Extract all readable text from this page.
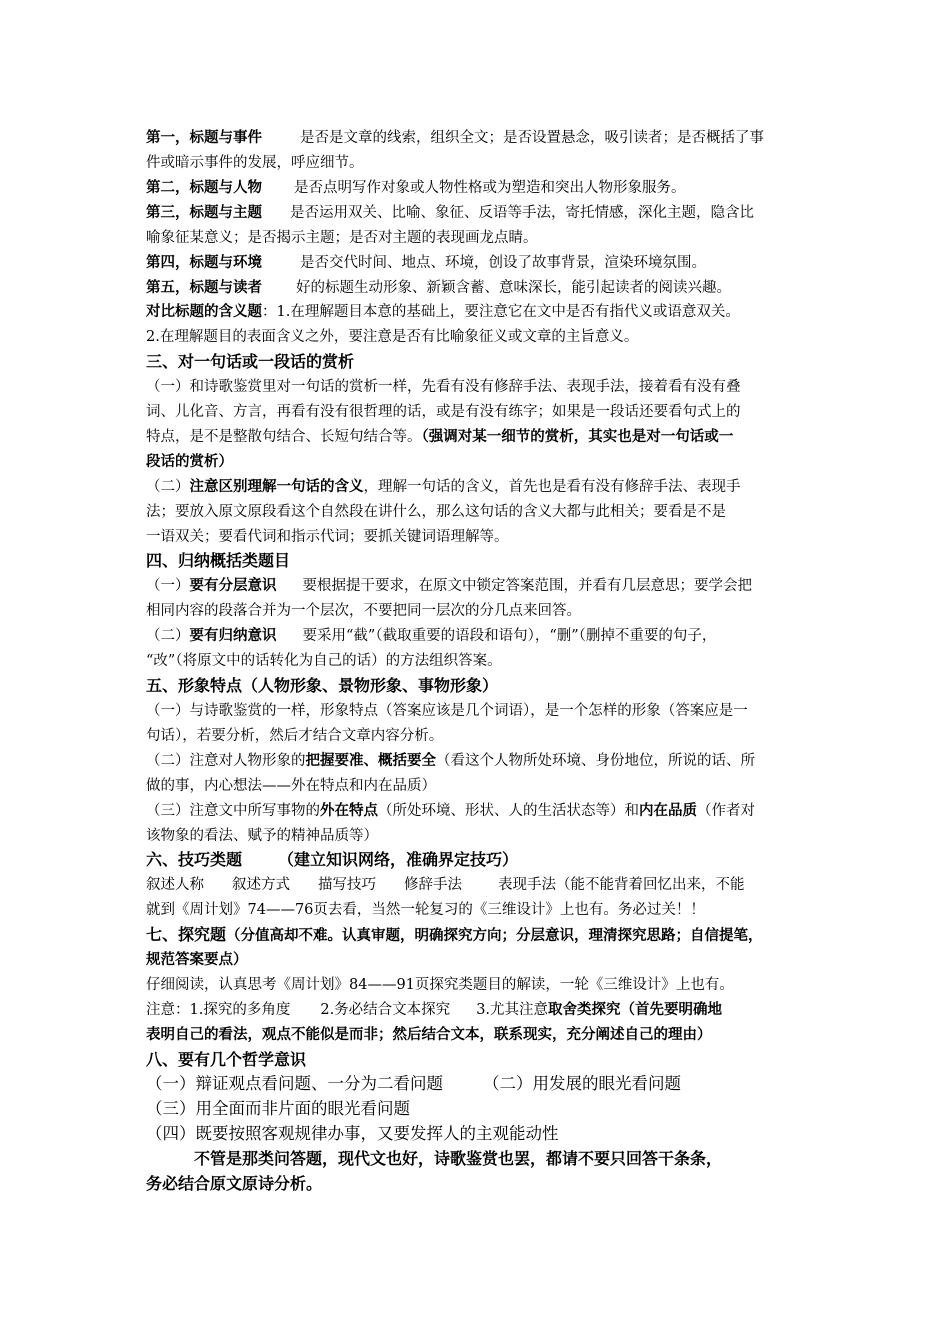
第一，标题与事件	是否是文章的线索，组织全文；是否设置悬念，吸引读者；是否概括了事
件或暗示事件的发展，呼应细节。
第二，标题与人物 是否点明写作对象或人物性格或为塑造和突出人物形象服务。
第三，标题与主题 是否运用双关、比喻、象征、反语等手法，寄托情感，深化主题，隐含比
喻象征某意义；是否揭示主题；是否对主题的表现画龙点睛。
第四，标题与环境	是否交代时间、地点、环境，创设了故事背景，渲染环境氛围。
第五，标题与读者 好的标题生动形象、新颖含蓄、意味深长，能引起读者的阅读兴趣。
对比标题的含义题：1.在理解题目本意的基础上，要注意它在文中是否有指代义或语意双关。
2.在理解题目的表面含义之外，要注意是否有比喻象征义或文章的主旨意义。
三、对一句话或一段话的赏析
（一）和诗歌鉴赏里对一句话的赏析一样，先看有没有修辞手法、表现手法，接着看有没有叠
词、儿化音、方言，再看有没有很哲理的话，或是有没有练字；如果是一段话还要看句式上的
特点，是不是整散句结合、长短句结合等。（强调对某一细节的赏析，其实也是对一句话或一
段话的赏析）
（二）注意区别理解一句话的含义，理解一句话的含义，首先也是看有没有修辞手法、表现手
法；要放入原文原段看这个自然段在讲什么，那么这句话的含义大都与此相关；要看是不是
一语双关；要看代词和指示代词；要抓关键词语理解等。
四、归纳概括类题目
（一）要有分层意识 要根据提干要求，在原文中锁定答案范围，并看有几层意思；要学会把
相同内容的段落合并为一个层次，不要把同一层次的分几点来回答。
（二）要有归纳意识 要采用“截”（截取重要的语段和语句），“删”（删掉不重要的句子，
“改”（将原文中的话转化为自己的话）的方法组织答案。
五、形象特点（人物形象、景物形象、事物形象）
（一）与诗歌鉴赏的一样，形象特点（答案应该是几个词语），是一个怎样的形象（答案应是一
句话），若要分析，然后才结合文章内容分析。
（二）注意对人物形象的把握要准、概括要全（看这个人物所处环境、身份地位，所说的话、所
做的事，内心想法——外在特点和内在品质）
（三）注意文中所写事物的外在特点（所处环境、形状、人的生活状态等）和内在品质（作者对
该物象的看法、赋予的精神品质等）
六、技巧类题 （建立知识网络，准确界定技巧）
叙述人称 叙述方式 描写技巧 修辞手法 表现手法（能不能背着回忆出来，不能
就到《周计划》74——76页去看，当然一轮复习的《三维设计》上也有。务必过关！！
七、探究题（分值高却不难。认真审题，明确探究方向；分层意识，理清探究思路；自信提笔，
规范答案要点）
仔细阅读，认真思考《周计划》84——91页探究类题目的解读，一轮《三维设计》上也有。
注意：1.探究的多角度 2.务必结合文本探究 3.尤其注意取舍类探究（首先要明确地
表明自己的看法，观点不能似是而非；然后结合文本，联系现实，充分阐述自己的理由）
八、要有几个哲学意识
（一）辩证观点看问题、一分为二看问题 （二）用发展的眼光看问题
（三）用全面而非片面的眼光看问题
（四）既要按照客观规律办事，又要发挥人的主观能动性
不管是那类问答题，现代文也好，诗歌鉴赏也罢，都请不要只回答干条条，
务必结合原文原诗分析。
